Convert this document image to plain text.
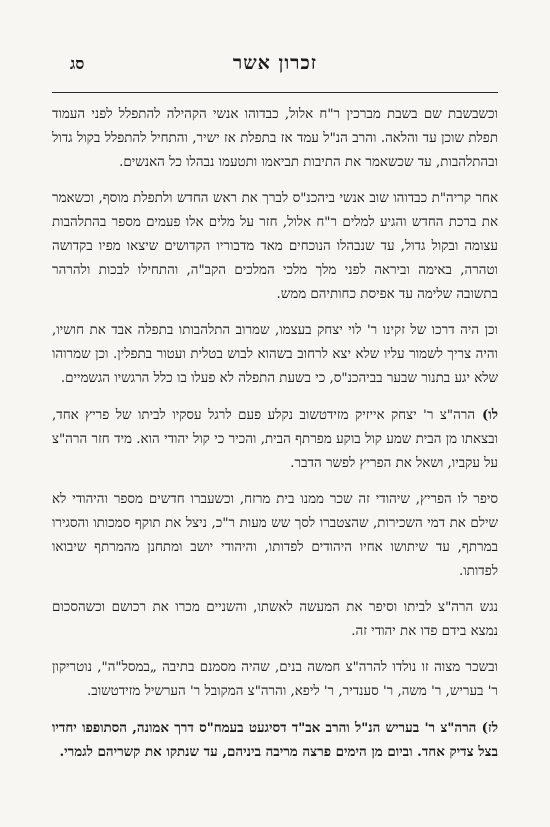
זכרון אשר
סג

וכשבשבת שם בשבת מברכין ר"ח אלול, כבדוהו אנשי הקהילה להתפלל לפני העמוד תפלת שוכן עד והלאה. והרב הנ"ל עמד אז בתפלת אז ישיר, והתחיל להתפלל בקול גדול ובהתלהבות, עד שכשאמר את התיבות תביאמו ותטעמו נבהלו כל האנשים.

אחר קריה"ת כבדוהו שוב אנשי ביהכנ"ס לברך את ראש החדש ולתפלת מוסף, וכשאמר את ברכת החדש והגיע למלים ר"ח אלול, חזר על מלים אלו פעמים מספר בהתלהבות עצומה ובקול גדול, עד שנבהלו הנוכחים מאד מדבוריו הקדושים שיצאו מפיו בקדושה וטהרה, באימה וביראה לפני מלך מלכי המלכים הקב"ה, והתחילו לבכות ולהרהר בתשובה שלימה עד אפיסת כחותיהם ממש.

וכן היה דרכו של זקינו ר' לוי יצחק בעצמו, שמרוב התלהבותו בתפלה אבד את חושיו, והיה צריך לשמור עליו שלא יצא לרחוב בשהוא לבוש בטלית ועטור בתפלין. וכן שמרוהו שלא יגע בתנור שבער בביהכנ"ס, כי בשעת התפלה לא פעלו בו כלל הרגשיו הגשמיים.

לו) הרה"צ ר' יצחק אייזיק מזידטשוב נקלע פעם לרגל עסקיו לביתו של פריץ אחד, ובצאתו מן הבית שמע קול בוקע מפרתף הבית, והכיר כי קול יהודי הוא. מיד חזר הרה"צ על עקביו, ושאל את הפריץ לפשר הדבר.

סיפר לו הפריץ, שיהודי זה שכר ממנו בית מרזח, וכשעברו חדשים מספר והיהודי לא שילם את דמי השכירות, שהצטברו לסך שש מעות ר"כ, ניצל את תוקף סמכותו והסגירו במרתף, עד שיתושו אחיו היהודים לפדותו, והיהודי יושב ומתחנן מהמרתף שיבואו לפדותו.

נגש הרה"צ לביתו וסיפר את המעשה לאשתו, והשניים מכרו את רכושם וכשהסכום נמצא בידם פדו את יהודי זה.

ובשכר מצוה זו נולדו להרה"צ חמשה בנים, שהיה מסמנם בתיבה „במסל"ה", נוטריקון ר' בעריש, ר' משה, ר' סענדיר, ר' ליפא, והרה"צ המקובל ר' הערשיל מזידטשוב.

לז) הרה"צ ר' בעריש הנ"ל והרב אב"ד דסיגעט בעמח"ס דרך אמונה, הסתופפו יחדיו בצל צדיק אחד. וביום מן הימים פרצה מריבה ביניהם, עד שנתקו את קשריהם לגמרי.
